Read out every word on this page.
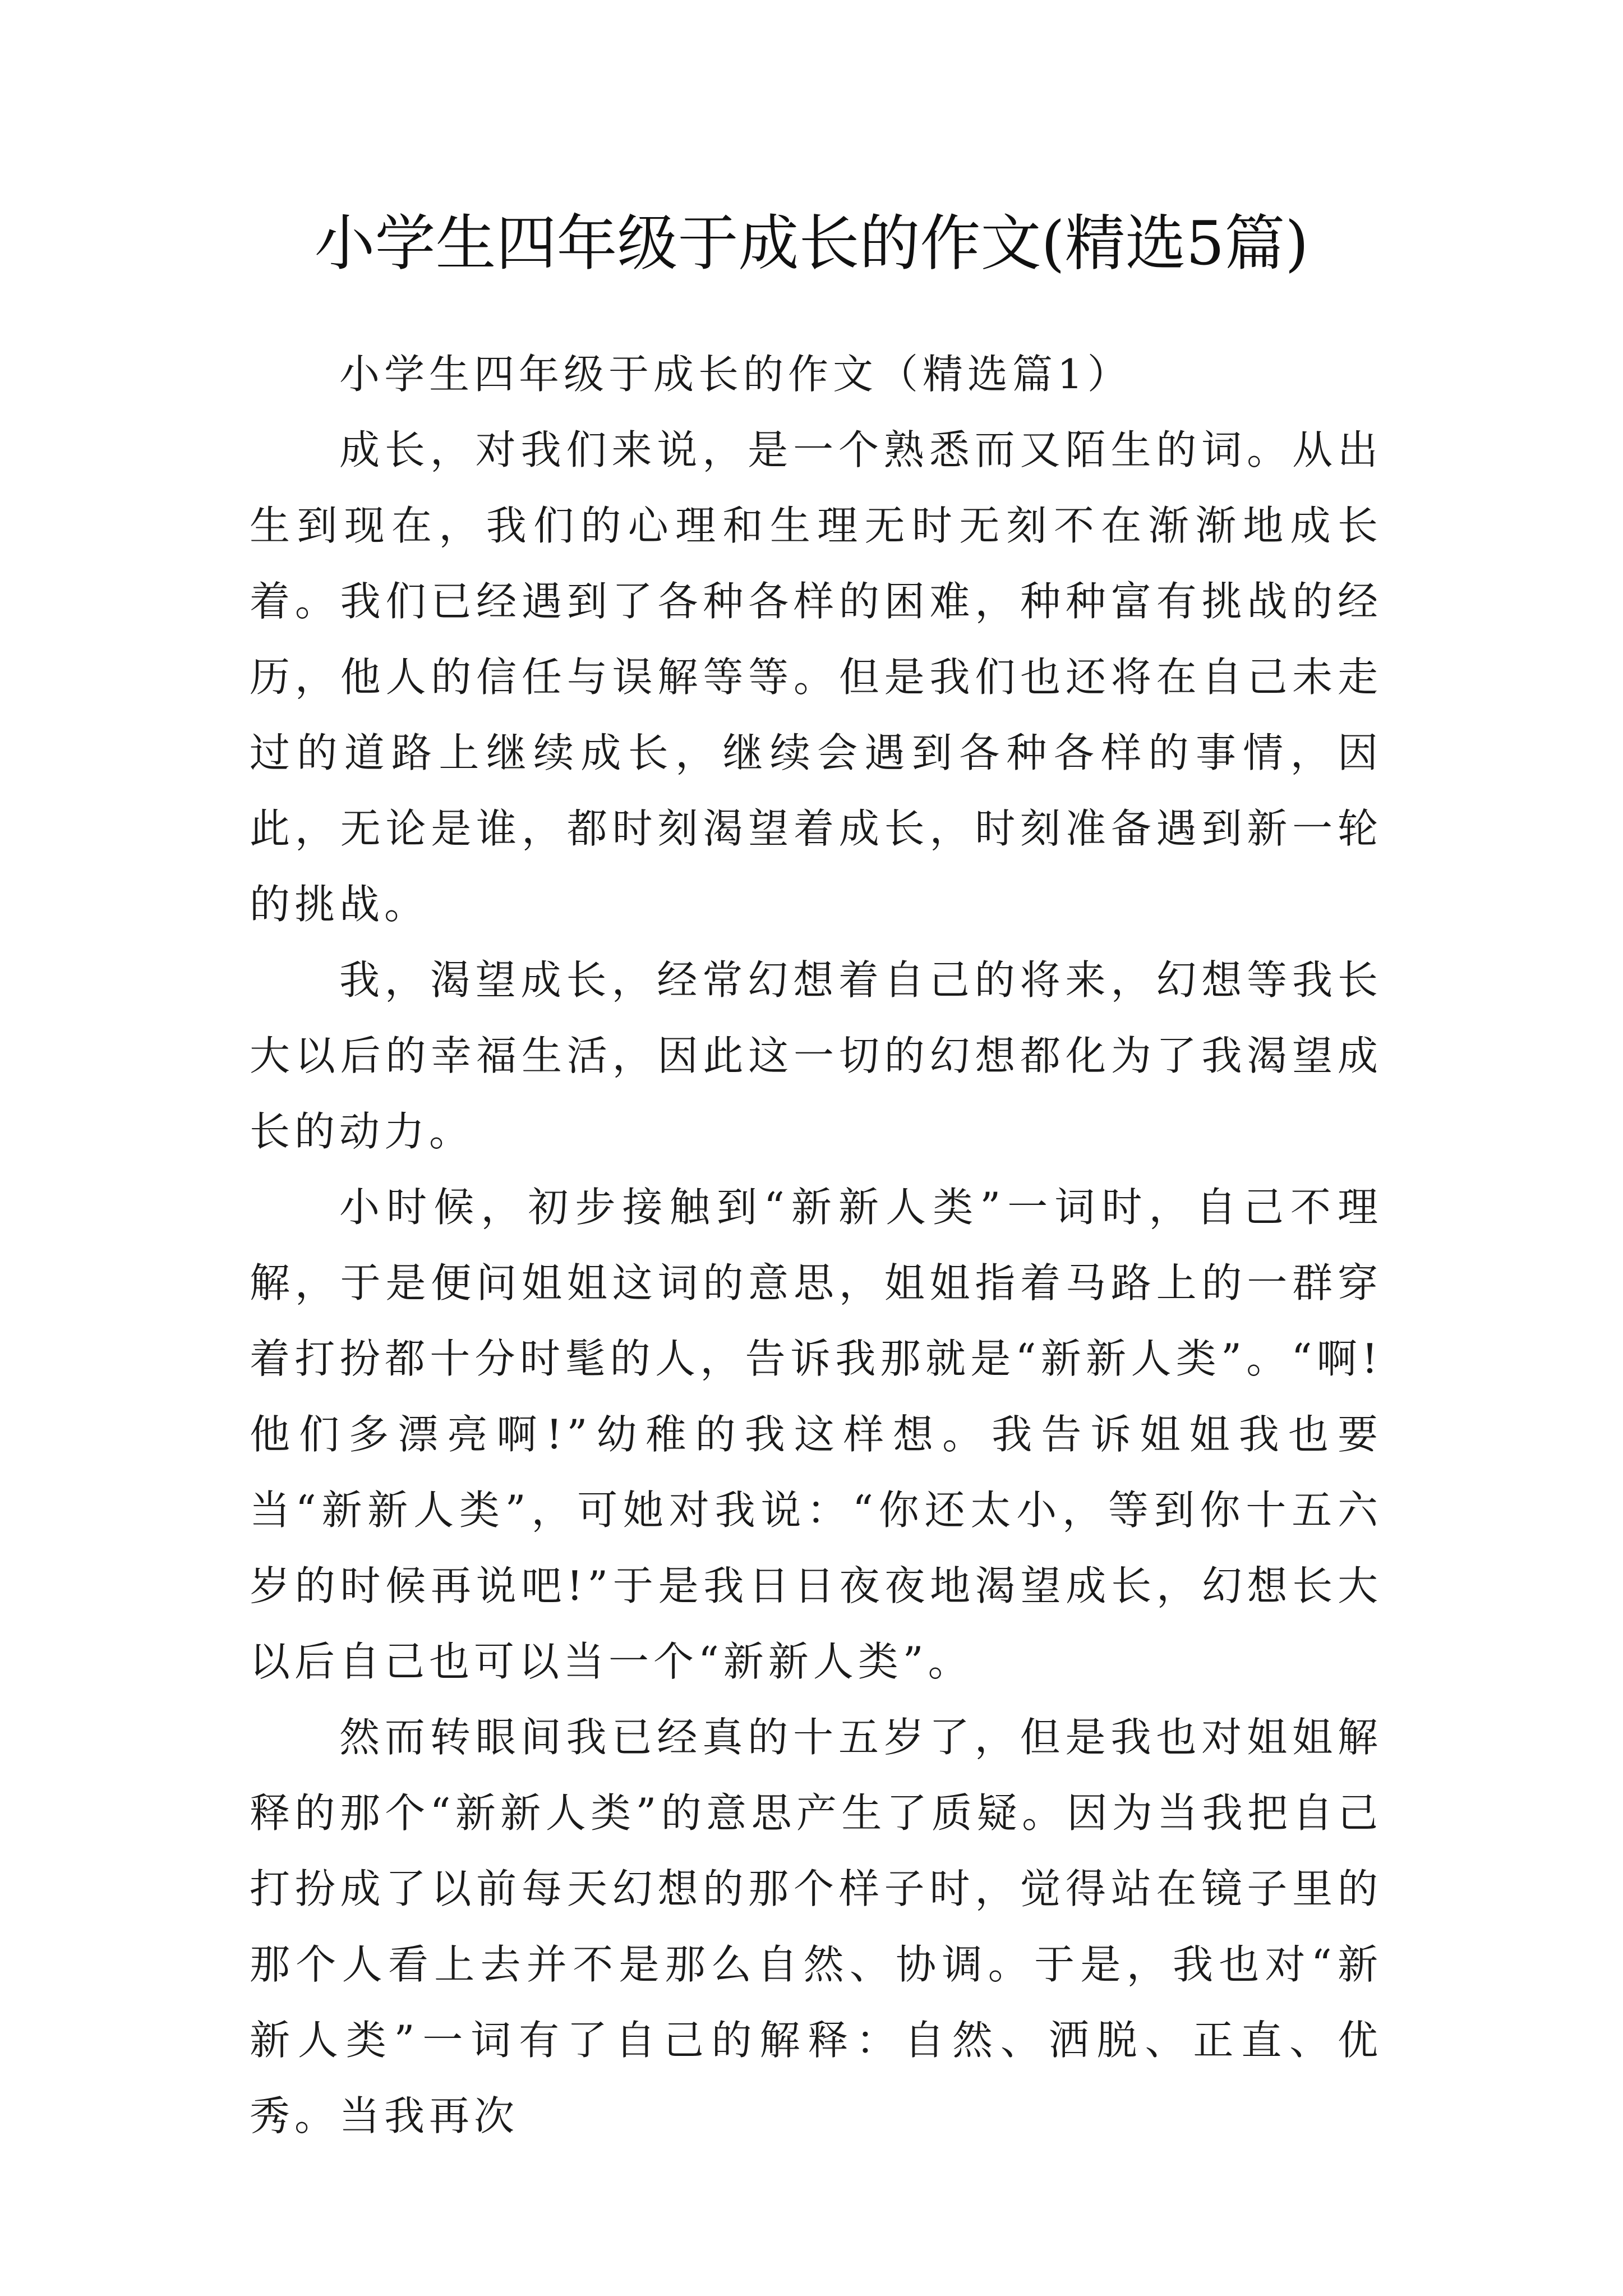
小学生四年级于成长的作文(精选5篇)

小学生四年级于成长的作文（精选篇1）

成长，对我们来说，是一个熟悉而又陌生的词。从出生到现在，我们的心理和生理无时无刻不在渐渐地成长着。我们已经遇到了各种各样的困难，种种富有挑战的经历，他人的信任与误解等等。但是我们也还将在自己未走过的道路上继续成长，继续会遇到各种各样的事情，因此，无论是谁，都时刻渴望着成长，时刻准备遇到新一轮的挑战。

我，渴望成长，经常幻想着自己的将来，幻想等我长大以后的幸福生活，因此这一切的幻想都化为了我渴望成长的动力。

小时候，初步接触到“新新人类”一词时，自己不理解，于是便问姐姐这词的意思，姐姐指着马路上的一群穿着打扮都十分时髦的人，告诉我那就是“新新人类”。“啊!他们多漂亮啊!”幼稚的我这样想。我告诉姐姐我也要当“新新人类”，可她对我说：“你还太小，等到你十五六岁的时候再说吧!”于是我日日夜夜地渴望成长，幻想长大以后自己也可以当一个“新新人类”。

然而转眼间我已经真的十五岁了，但是我也对姐姐解释的那个“新新人类”的意思产生了质疑。因为当我把自己打扮成了以前每天幻想的那个样子时，觉得站在镜子里的那个人看上去并不是那么自然、协调。于是，我也对“新新人类”一词有了自己的解释：自然、洒脱、正直、优秀。当我再次
